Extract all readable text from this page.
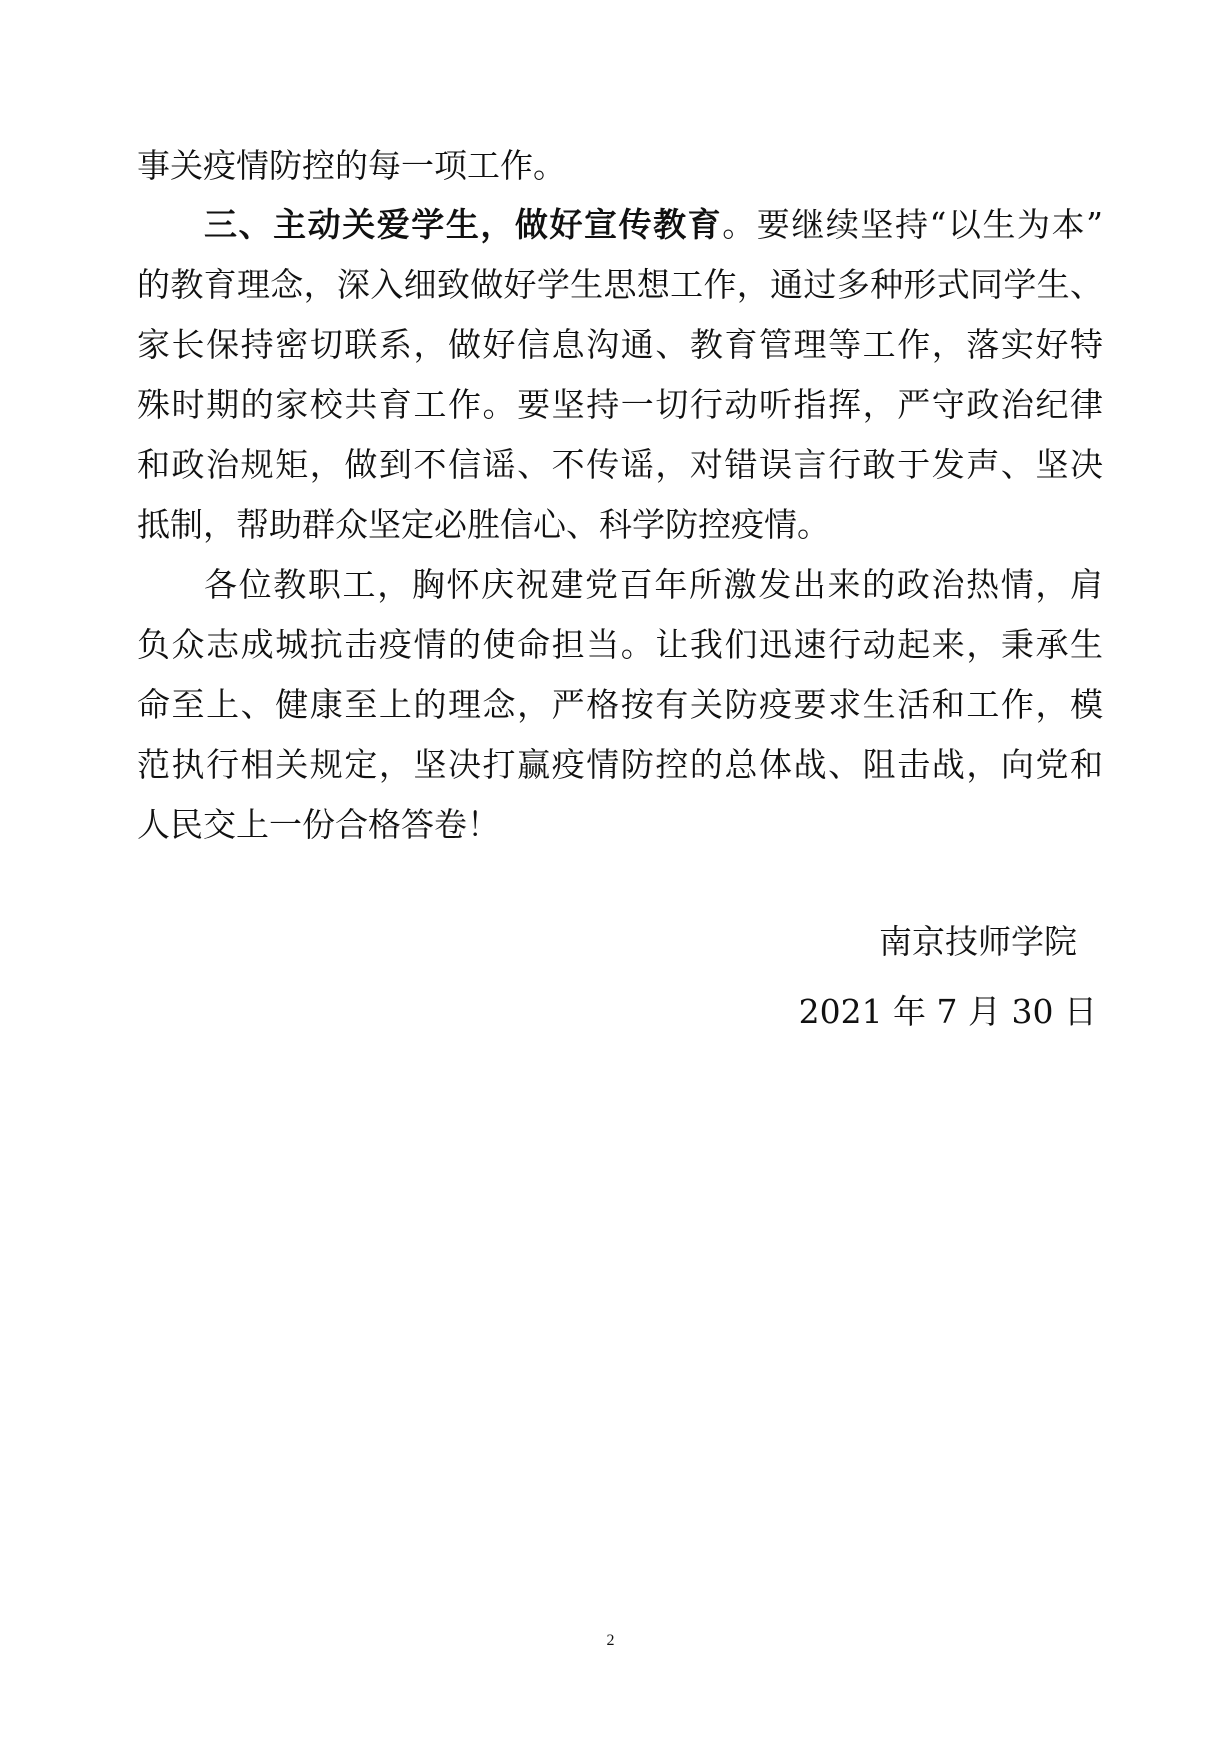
事关疫情防控的每一项工作。
三、主动关爱学生，做好宣传教育。要继续坚持“以生为本”
的教育理念，深入细致做好学生思想工作，通过多种形式同学生、
家长保持密切联系，做好信息沟通、教育管理等工作，落实好特
殊时期的家校共育工作。要坚持一切行动听指挥，严守政治纪律
和政治规矩，做到不信谣、不传谣，对错误言行敢于发声、坚决
抵制，帮助群众坚定必胜信心、科学防控疫情。
各位教职工，胸怀庆祝建党百年所激发出来的政治热情，肩
负众志成城抗击疫情的使命担当。让我们迅速行动起来，秉承生
命至上、健康至上的理念，严格按有关防疫要求生活和工作，模
范执行相关规定，坚决打赢疫情防控的总体战、阻击战，向党和
人民交上一份合格答卷！
南京技师学院
2021 年 7 月 30 日
2
